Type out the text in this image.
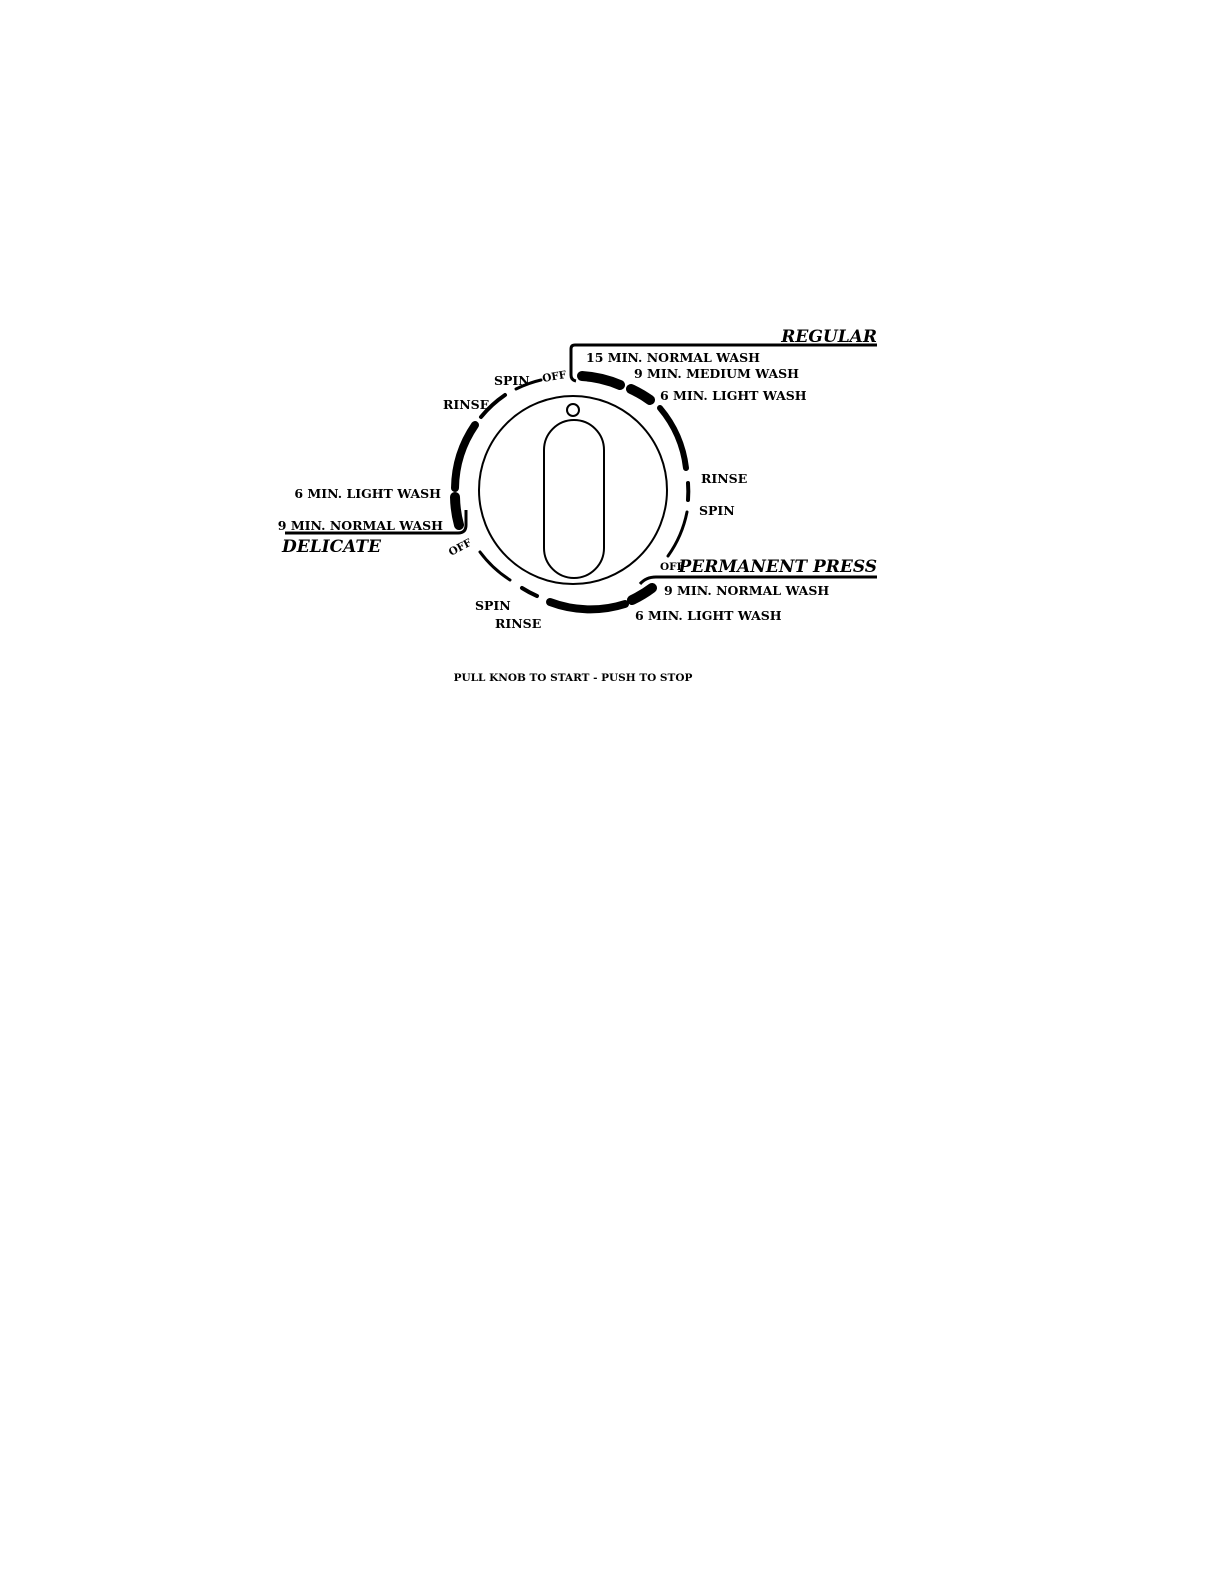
REGULAR
PERMANENT PRESS
DELICATE
15 MIN. NORMAL WASH
9 MIN. MEDIUM WASH
6 MIN. LIGHT WASH
RINSE
SPIN
OFF
9 MIN. NORMAL WASH
6 MIN. LIGHT WASH
RINSE
SPIN
OFF
9 MIN. NORMAL WASH
6 MIN. LIGHT WASH
RINSE
SPIN OFF
PULL KNOB TO START - PUSH TO STOP
